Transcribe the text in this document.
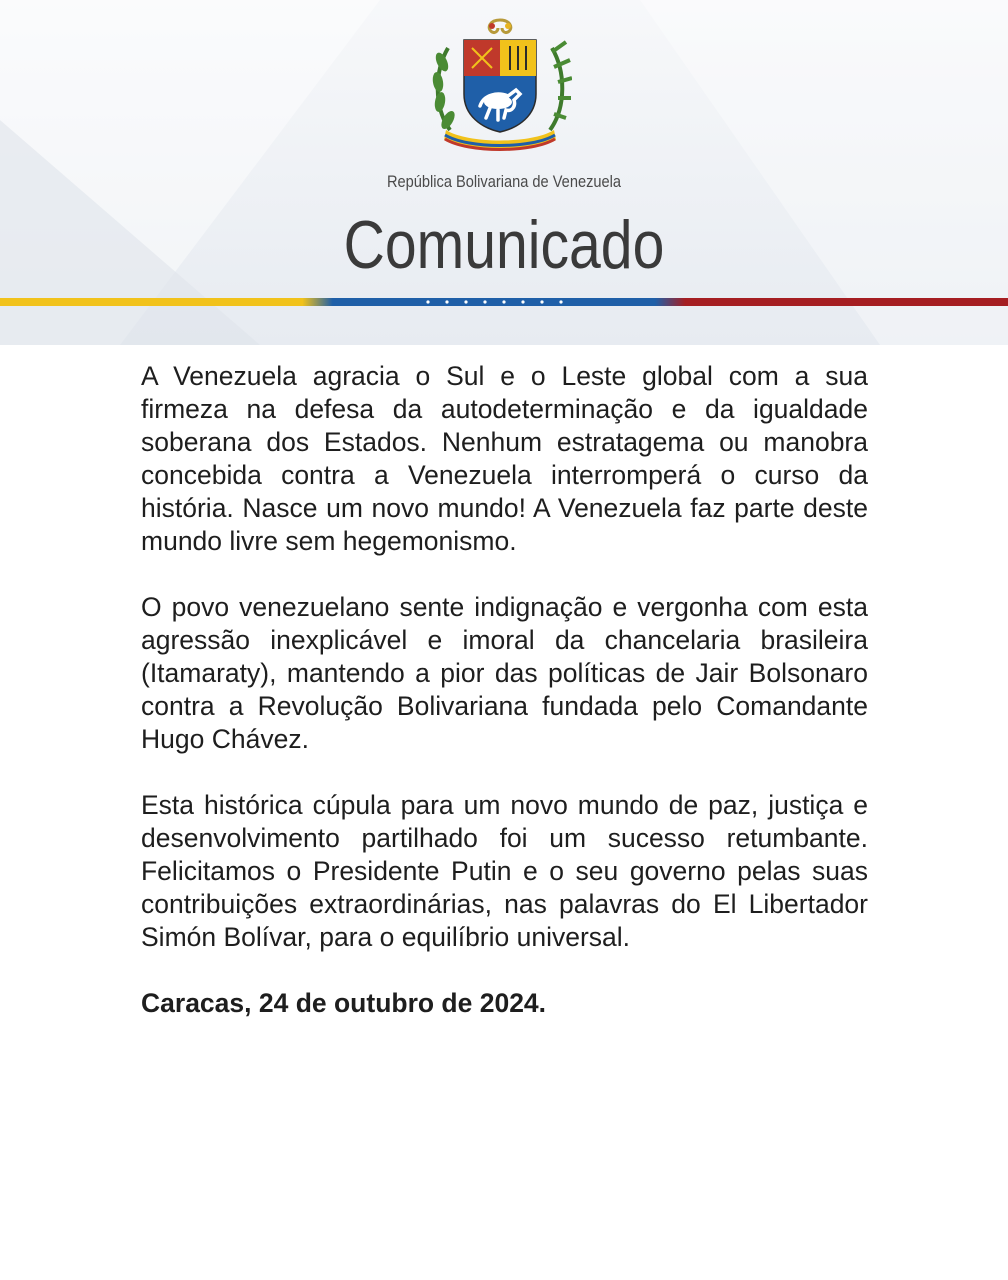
República Bolivariana de Venezuela
Comunicado

A Venezuela agracia o Sul e o Leste global com a sua firmeza na defesa da autodeterminação e da igualdade soberana dos Estados. Nenhum estratagema ou manobra concebida contra a Venezuela interromperá o curso da história. Nasce um novo mundo! A Venezuela faz parte deste mundo livre sem hegemonismo.

O povo venezuelano sente indignação e vergonha com esta agressão inexplicável e imoral da chancelaria brasileira (Itamaraty), mantendo a pior das políticas de Jair Bolsonaro contra a Revolução Bolivariana fundada pelo Comandante Hugo Chávez.

Esta histórica cúpula para um novo mundo de paz, justiça e desenvolvimento partilhado foi um sucesso retumbante. Felicitamos o Presidente Putin e o seu governo pelas suas contribuições extraordinárias, nas palavras do El Libertador Simón Bolívar, para o equilíbrio universal.

Caracas, 24 de outubro de 2024.
